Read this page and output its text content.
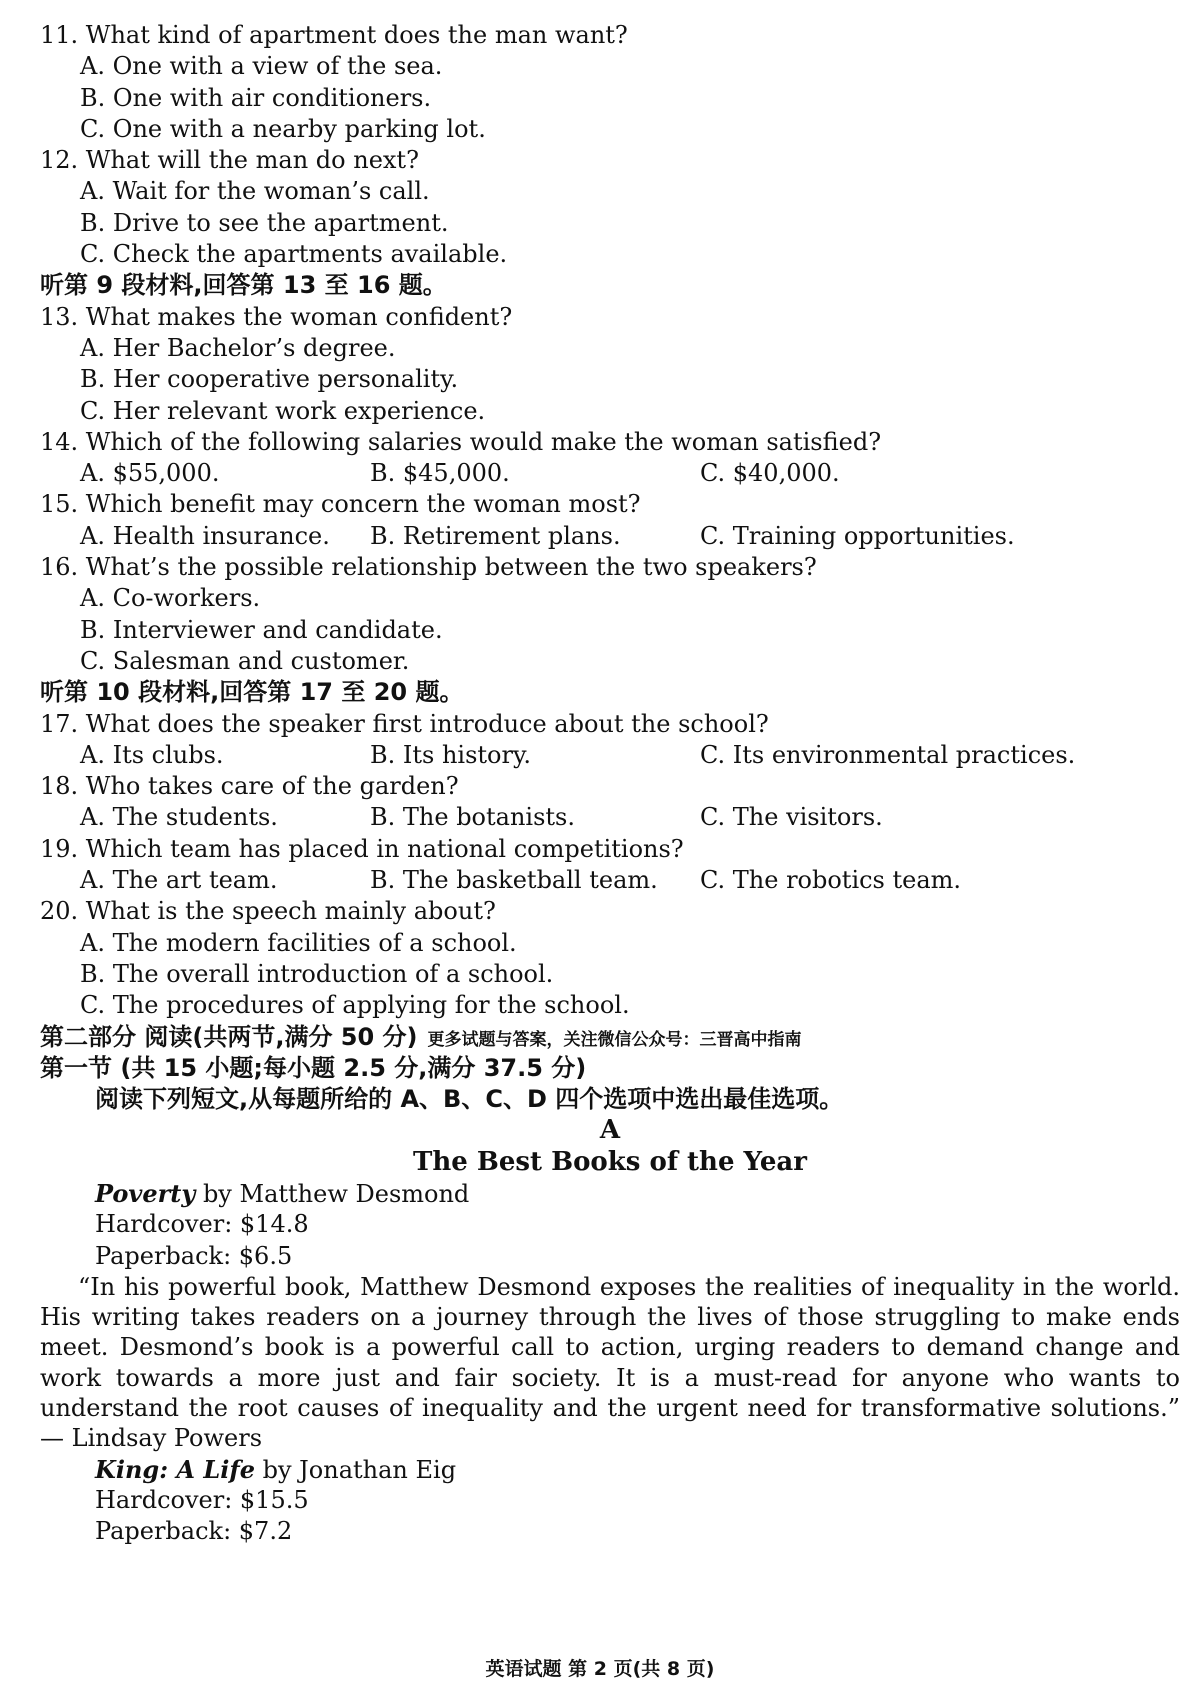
11. What kind of apartment does the man want?
A. One with a view of the sea.
B. One with air conditioners.
C. One with a nearby parking lot.
12. What will the man do next?
A. Wait for the woman’s call.
B. Drive to see the apartment.
C. Check the apartments available.
听第 9 段材料,回答第 13 至 16 题。
13. What makes the woman confident?
A. Her Bachelor’s degree.
B. Her cooperative personality.
C. Her relevant work experience.
14. Which of the following salaries would make the woman satisfied?
A. $55,000.	B. $45,000.	C. $40,000.
15. Which benefit may concern the woman most?
A. Health insurance.	B. Retirement plans.	C. Training opportunities.
16. What’s the possible relationship between the two speakers?
A. Co-workers.
B. Interviewer and candidate.
C. Salesman and customer.
听第 10 段材料,回答第 17 至 20 题。
17. What does the speaker first introduce about the school?
A. Its clubs.	B. Its history.	C. Its environmental practices.
18. Who takes care of the garden?
A. The students.	B. The botanists.	C. The visitors.
19. Which team has placed in national competitions?
A. The art team.	B. The basketball team.	C. The robotics team.
20. What is the speech mainly about?
A. The modern facilities of a school.
B. The overall introduction of a school.
C. The procedures of applying for the school.
第二部分 阅读(共两节,满分 50 分) 更多试题与答案，关注微信公众号：三晋高中指南
第一节 (共 15 小题;每小题 2.5 分,满分 37.5 分)
阅读下列短文,从每题所给的 A、B、C、D 四个选项中选出最佳选项。
A
The Best Books of the Year
Poverty by Matthew Desmond
Hardcover: $14.8
Paperback: $6.5
“In his powerful book, Matthew Desmond exposes the realities of inequality in the world. His writing takes readers on a journey through the lives of those struggling to make ends meet. Desmond’s book is a powerful call to action, urging readers to demand change and work towards a more just and fair society. It is a must-read for anyone who wants to understand the root causes of inequality and the urgent need for transformative solutions.” — Lindsay Powers
King: A Life by Jonathan Eig
Hardcover: $15.5
Paperback: $7.2
英语试题 第 2 页(共 8 页)
